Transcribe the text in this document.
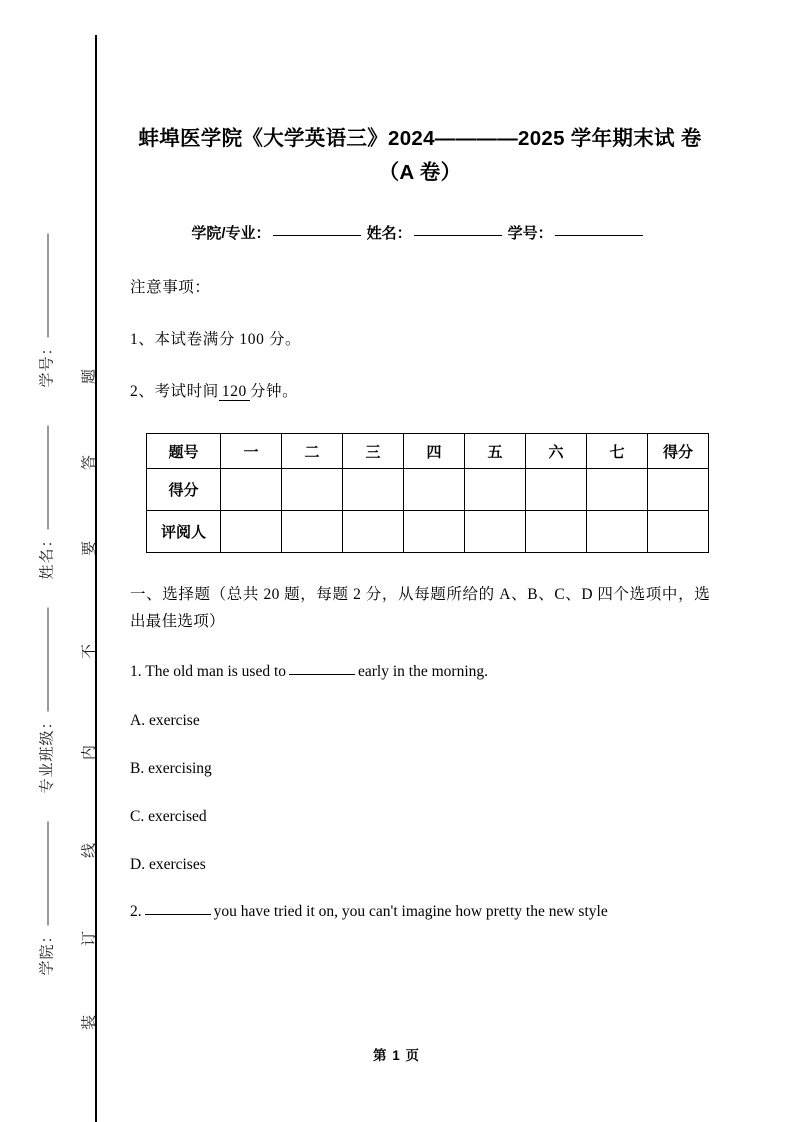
学号：
姓名：
专业班级：
学院：
题
答
要
不
内
线
订
装
蚌埠医学院《大学英语三》2024————2025 学年期末试 卷（A 卷）
学院/专业：	姓名：	学号：
注意事项：
1、本试卷满分 100 分。
2、考试时间 120 分钟。
题号	一	二	三	四	五	六	七	得分
得分								
评阅人								
一、选择题（总共 20 题，每题 2 分，从每题所给的 A、B、C、D 四个选项中，选出最佳选项）
1. The old man is used to	early in the morning.
A. exercise
B. exercising
C. exercised
D. exercises
2.	you have tried it on, you can't imagine how pretty the new style
第 1 页
